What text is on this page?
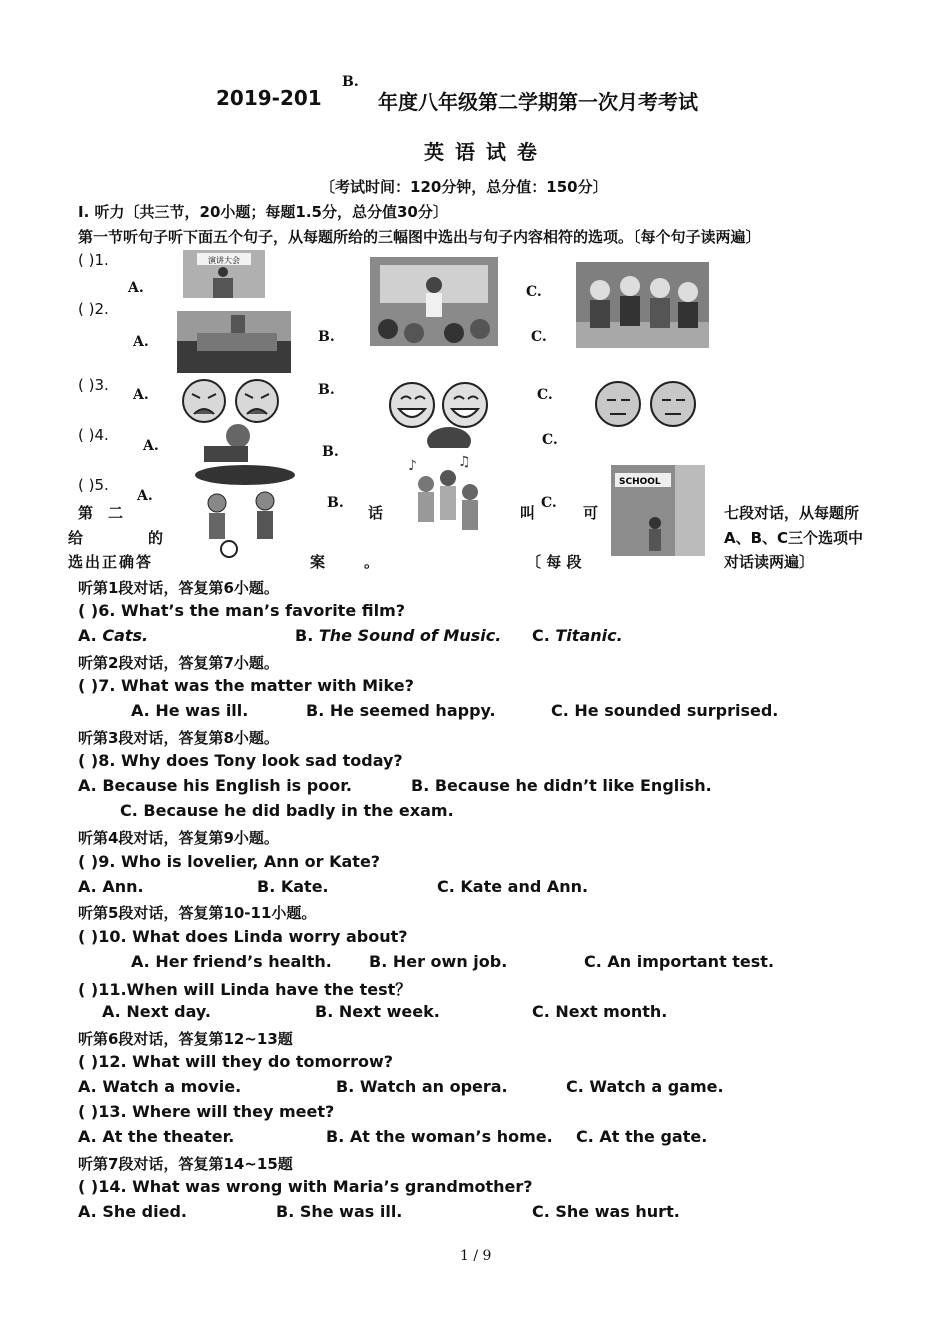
2019-201	年度八年级第二学期第一次月考考试
B.
英 语 试 卷
〔考试时间：120分钟，总分值：150分〕
I. 听力〔共三节，20小题；每题1.5分，总分值30分〕
第一节听句子听下面五个句子，从每题所给的三幅图中选出与句子内容相符的选项。〔每个句子读两遍〕
( )1.
( )2.
( )3.
( )4.
( )5.
第　二	话	叫	可	七段对话，从每题所
给	的	A、B、C三个选项中
选出正确答	案	。	〔 每 段	对话读两遍〕
A.
演讲大会
C.
A.	B.	C.
A.	B.	C.
A.	B.
C.
A.	B.
♪	♫
C.
SCHOOL
听第1段对话，答复第6小题。
( )6. What’s the man’s favorite film?
A. Cats.	B. The Sound of Music. C. Titanic.
听第2段对话，答复第7小题。
( )7. What was the matter with Mike?
A. He was ill.	B. He seemed happy.	C. He sounded surprised.
听第3段对话，答复第8小题。
( )8. Why does Tony look sad today?
A. Because his English is poor.	B. Because he didn’t like English.
C. Because he did badly in the exam.
听第4段对话，答复第9小题。
( )9. Who is lovelier, Ann or Kate?
A. Ann.	B. Kate.	C. Kate and Ann.
听第5段对话，答复第10-11小题。
( )10. What does Linda worry about?
A. Her friend’s health. B. Her own job.	C. An important test.
( )11.When will Linda have the test？
A. Next day.	B. Next week.	C. Next month.
听第6段对话，答复第12~13题
( )12. What will they do tomorrow?
A. Watch a movie.	B. Watch an opera.	C. Watch a game.
( )13. Where will they meet?
A. At the theater.	B. At the woman’s home. C. At the gate.
听第7段对话，答复第14~15题
( )14. What was wrong with Maria’s grandmother?
A. She died.	B. She was ill.	C. She was hurt.
1 / 9
